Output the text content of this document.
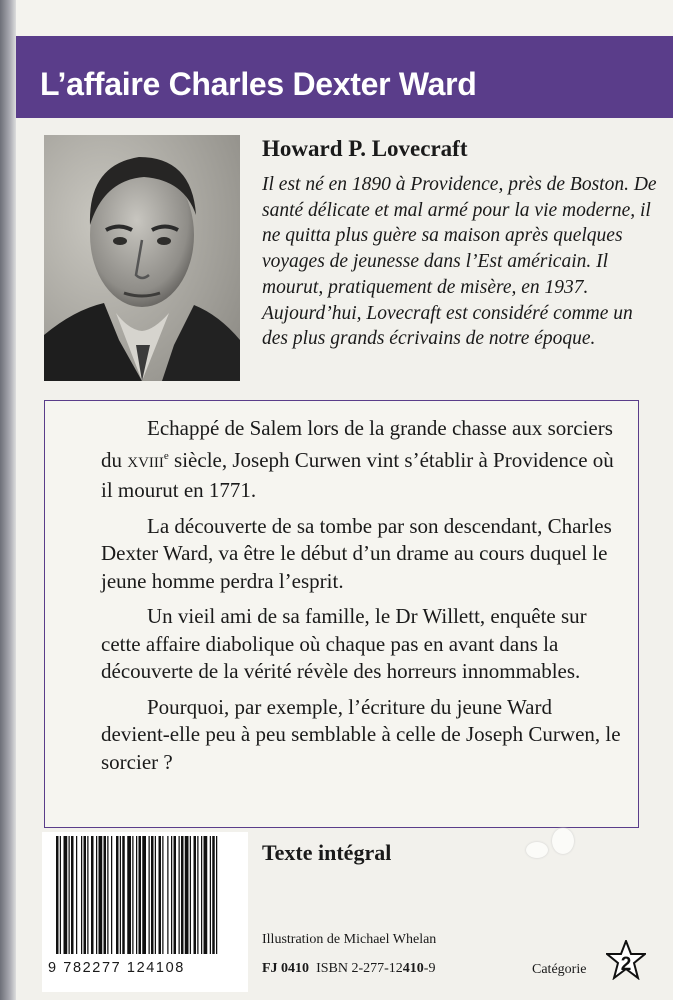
L’affaire Charles Dexter Ward
Howard P. Lovecraft

Il est né en 1890 à Providence, près de Boston. De santé délicate et mal armé pour la vie moderne, il ne quitta plus guère sa maison après quelques voyages de jeunesse dans l’Est américain. Il mourut, pratiquement de misère, en 1937. Aujourd’hui, Lovecraft est considéré comme un des plus grands écrivains de notre époque.

Echappé de Salem lors de la grande chasse aux sorciers du XVIIIe siècle, Joseph Curwen vint s’établir à Providence où il mourut en 1771.

La découverte de sa tombe par son descendant, Charles Dexter Ward, va être le début d’un drame au cours duquel le jeune homme perdra l’esprit.

Un vieil ami de sa famille, le Dr Willett, enquête sur cette affaire diabolique où chaque pas en avant dans la découverte de la vérité révèle des horreurs innommables.

Pourquoi, par exemple, l’écriture du jeune Ward devient-elle peu à peu semblable à celle de Joseph Curwen, le sorcier ?

9 782277 124108
Texte intégral

Illustration de Michael Whelan

FJ 0410 ISBN 2-277-12410-9	Catégorie 2
